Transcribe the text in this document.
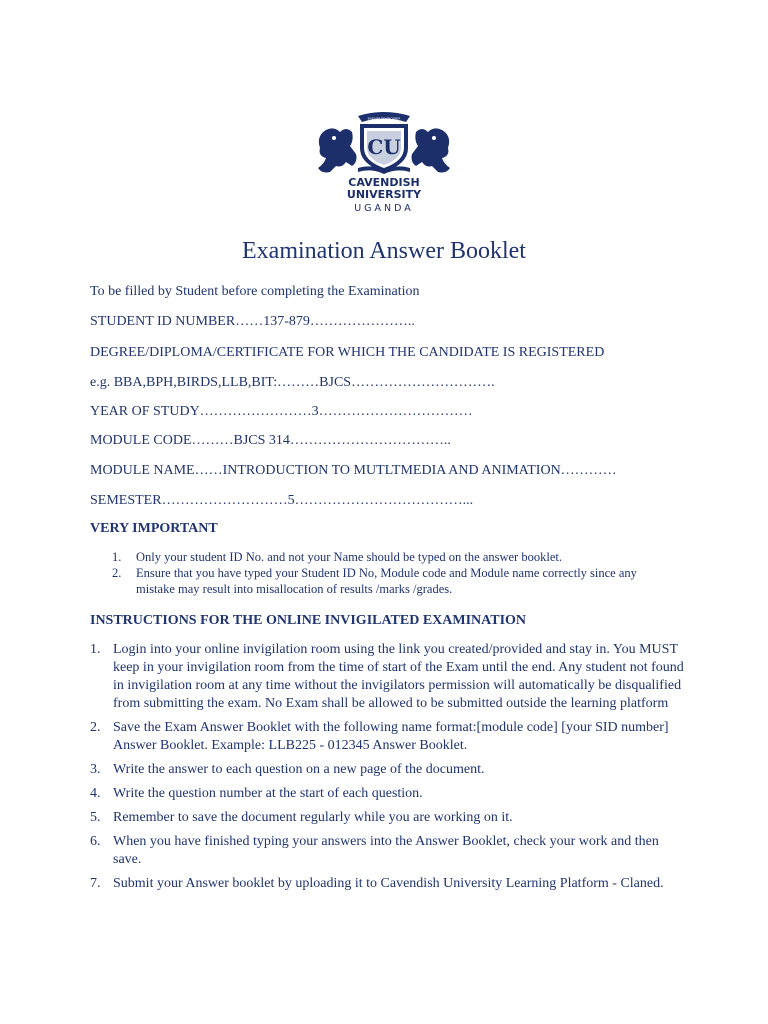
ENDURE TO PROSPER
CU
CAVENDISH
UNIVERSITY
UGANDA
Examination Answer Booklet
To be filled by Student before completing the Examination
STUDENT ID NUMBER……137-879…………………..
DEGREE/DIPLOMA/CERTIFICATE FOR WHICH THE CANDIDATE IS REGISTERED
e.g. BBA,BPH,BIRDS,LLB,BIT:………BJCS………………………….
YEAR OF STUDY……………………3……………………………
MODULE CODE………BJCS 314……………………………..
MODULE NAME……INTRODUCTION TO MUTLTMEDIA AND ANIMATION…………
SEMESTER………………………5………………………………...
VERY IMPORTANT
1. Only your student ID No. and not your Name should be typed on the answer booklet.
2. Ensure that you have typed your Student ID No, Module code and Module name correctly since any mistake may result into misallocation of results /marks /grades.
INSTRUCTIONS FOR THE ONLINE INVIGILATED EXAMINATION
1. Login into your online invigilation room using the link you created/provided and stay in. You MUST keep in your invigilation room from the time of start of the Exam until the end. Any student not found in invigilation room at any time without the invigilators permission will automatically be disqualified from submitting the exam. No Exam shall be allowed to be submitted outside the learning platform
2. Save the Exam Answer Booklet with the following name format:[module code] [your SID number] Answer Booklet. Example: LLB225 - 012345 Answer Booklet.
3. Write the answer to each question on a new page of the document.
4. Write the question number at the start of each question.
5. Remember to save the document regularly while you are working on it.
6. When you have finished typing your answers into the Answer Booklet, check your work and then save.
7. Submit your Answer booklet by uploading it to Cavendish University Learning Platform - Claned.
